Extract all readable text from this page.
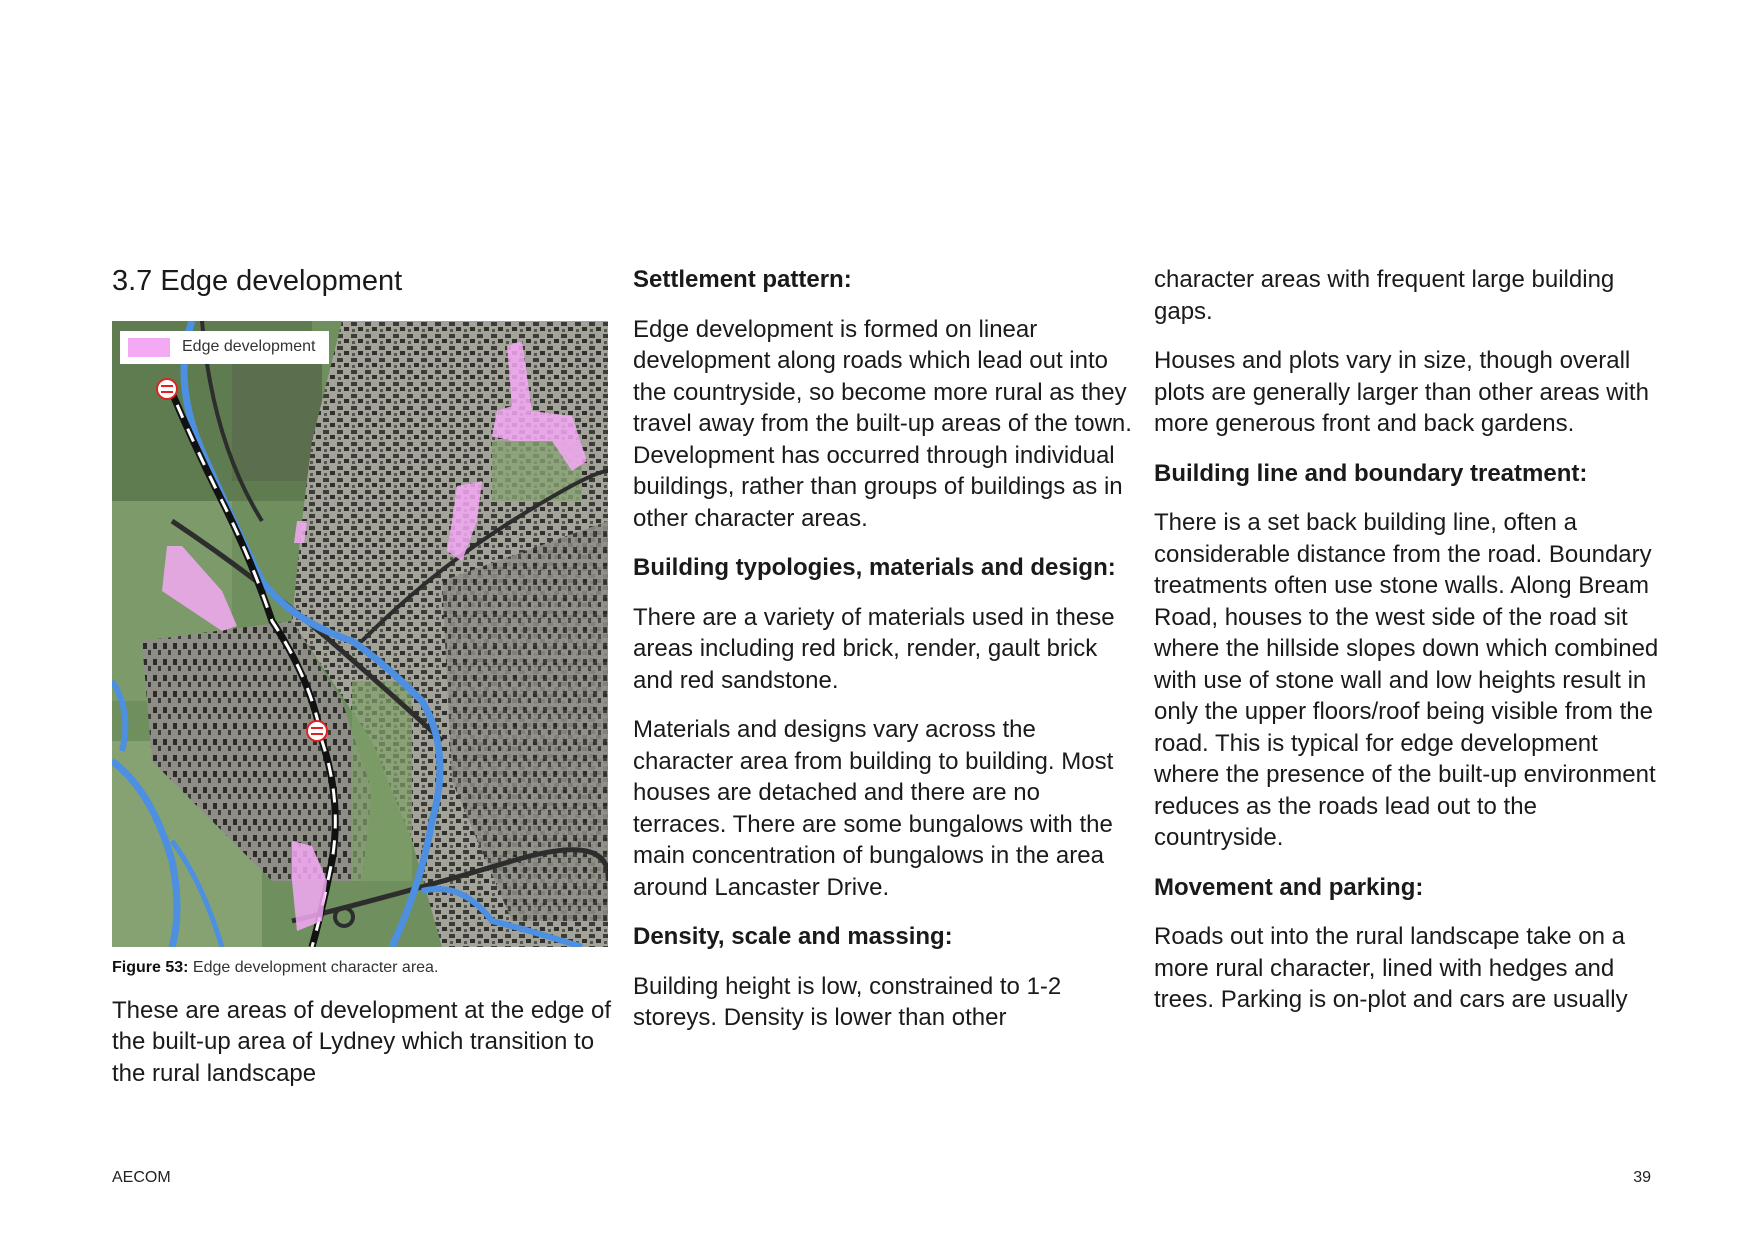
3.7 Edge development
Edge development
Figure 53: Edge development character area.

These are areas of development at the edge of the built-up area of Lydney which transition to the rural landscape

Settlement pattern:

Edge development is formed on linear development along roads which lead out into the countryside, so become more rural as they travel away from the built-up areas of the town. Development has occurred through individual buildings, rather than groups of buildings as in other character areas.

Building typologies, materials and design:

There are a variety of materials used in these areas including red brick, render, gault brick and red sandstone.

Materials and designs vary across the character area from building to building. Most houses are detached and there are no terraces. There are some bungalows with the main concentration of bungalows in the area around Lancaster Drive.

Density, scale and massing:

Building height is low, constrained to 1-2 storeys. Density is lower than other

character areas with frequent large building gaps.

Houses and plots vary in size, though overall plots are generally larger than other areas with more generous front and back gardens.

Building line and boundary treatment:

There is a set back building line, often a considerable distance from the road. Boundary treatments often use stone walls. Along Bream Road, houses to the west side of the road sit where the hillside slopes down which combined with use of stone wall and low heights result in only the upper floors/roof being visible from the road. This is typical for edge development where the presence of the built-up environment reduces as the roads lead out to the countryside.

Movement and parking:

Roads out into the rural landscape take on a more rural character, lined with hedges and trees. Parking is on-plot and cars are usually

AECOM	39
